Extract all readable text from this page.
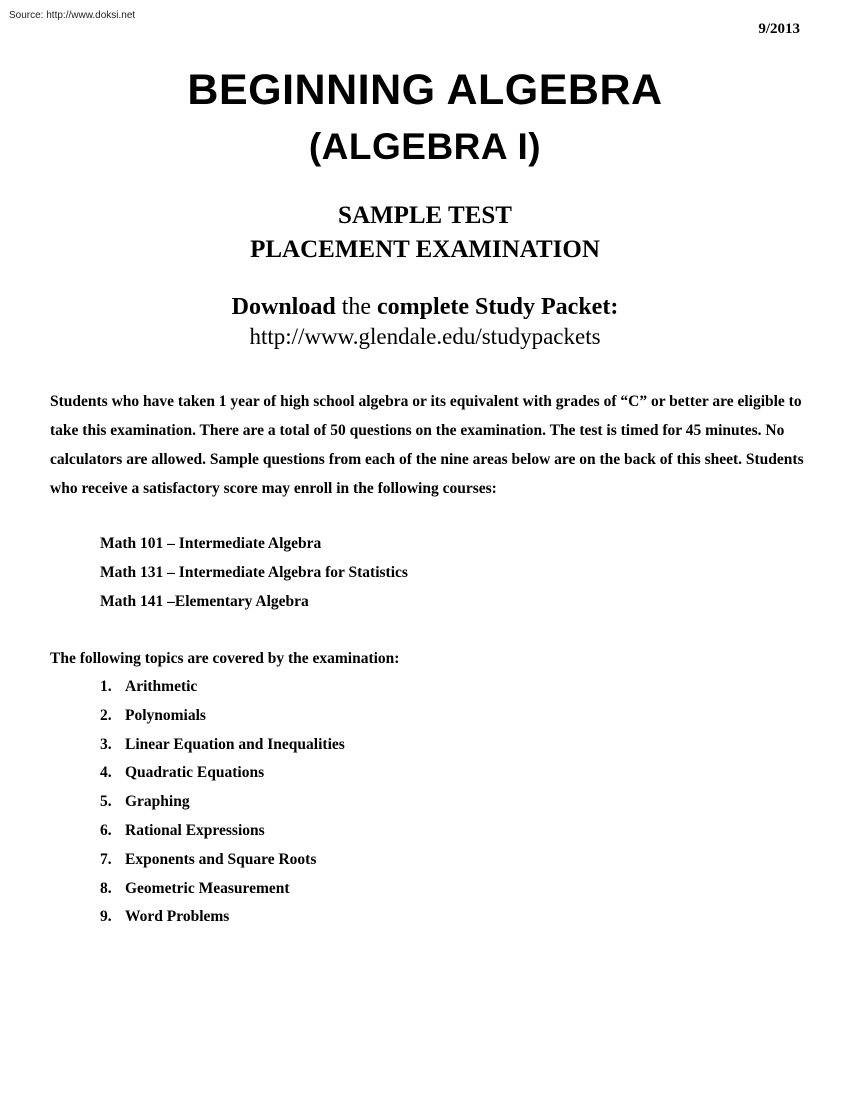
Source: http://www.doksi.net
9/2013
BEGINNING ALGEBRA
(ALGEBRA I)
SAMPLE TEST
PLACEMENT EXAMINATION
Download the complete Study Packet:
http://www.glendale.edu/studypackets
Students who have taken 1 year of high school algebra or its equivalent with grades of “C” or better are eligible to take this examination. There are a total of 50 questions on the examination. The test is timed for 45 minutes. No calculators are allowed. Sample questions from each of the nine areas below are on the back of this sheet. Students who receive a satisfactory score may enroll in the following courses:
Math 101 – Intermediate Algebra
Math 131 – Intermediate Algebra for Statistics
Math 141 –Elementary Algebra
The following topics are covered by the examination:
1. Arithmetic
2. Polynomials
3. Linear Equation and Inequalities
4. Quadratic Equations
5. Graphing
6. Rational Expressions
7. Exponents and Square Roots
8. Geometric Measurement
9. Word Problems
